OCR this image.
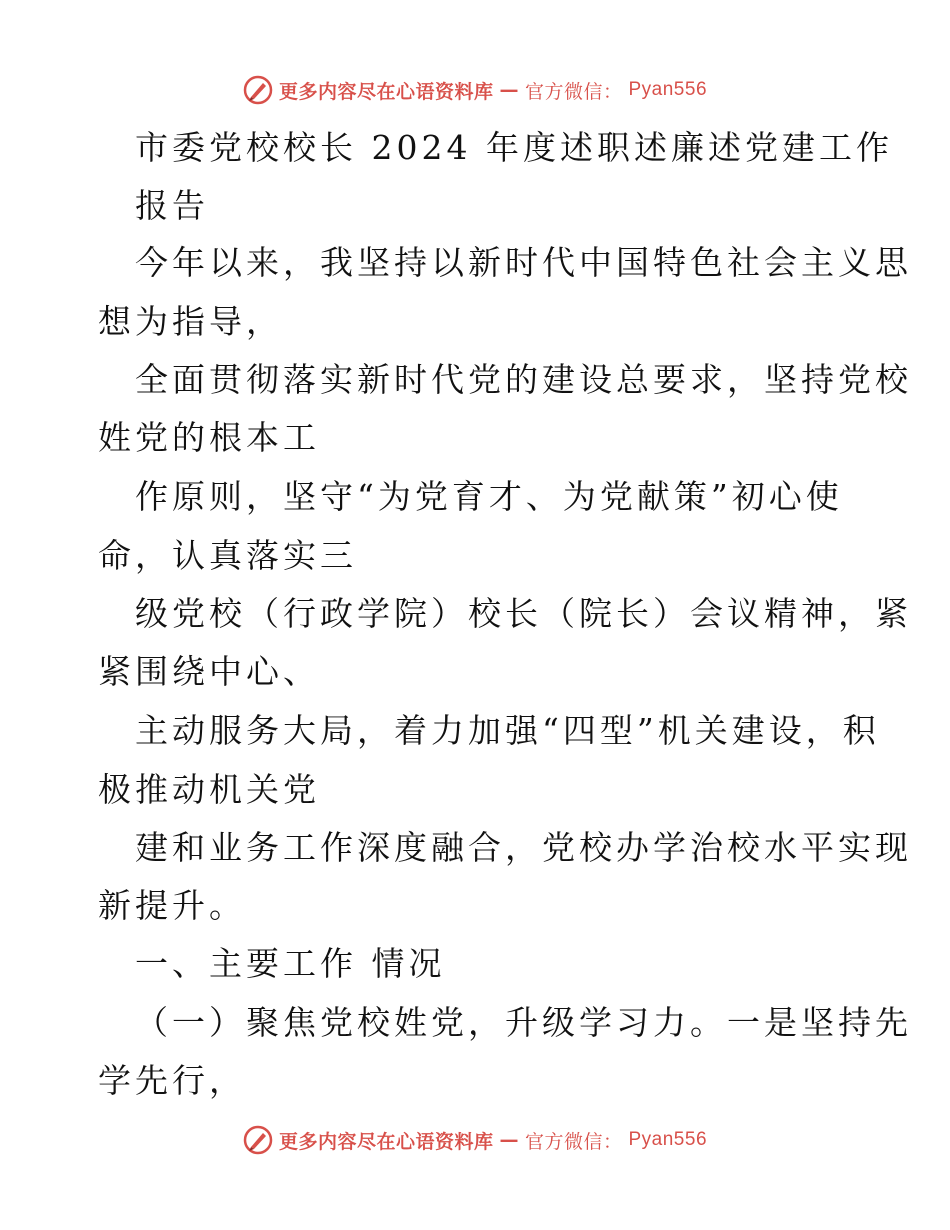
更多内容尽在心语资料库 — 官方微信： Pyan556
市委党校校长 2024 年度述职述廉述党建工作
报告
今年以来，我坚持以新时代中国特色社会主义思
想为指导，
全面贯彻落实新时代党的建设总要求，坚持党校
姓党的根本工
作原则，坚守“为党育才、为党献策”初心使
命，认真落实三
级党校（行政学院）校长（院长）会议精神，紧
紧围绕中心、
主动服务大局，着力加强“四型”机关建设，积
极推动机关党
建和业务工作深度融合，党校办学治校水平实现
新提升。
一、主要工作 情况
（一）聚焦党校姓党，升级学习力。一是坚持先
学先行，
更多内容尽在心语资料库 — 官方微信： Pyan556
